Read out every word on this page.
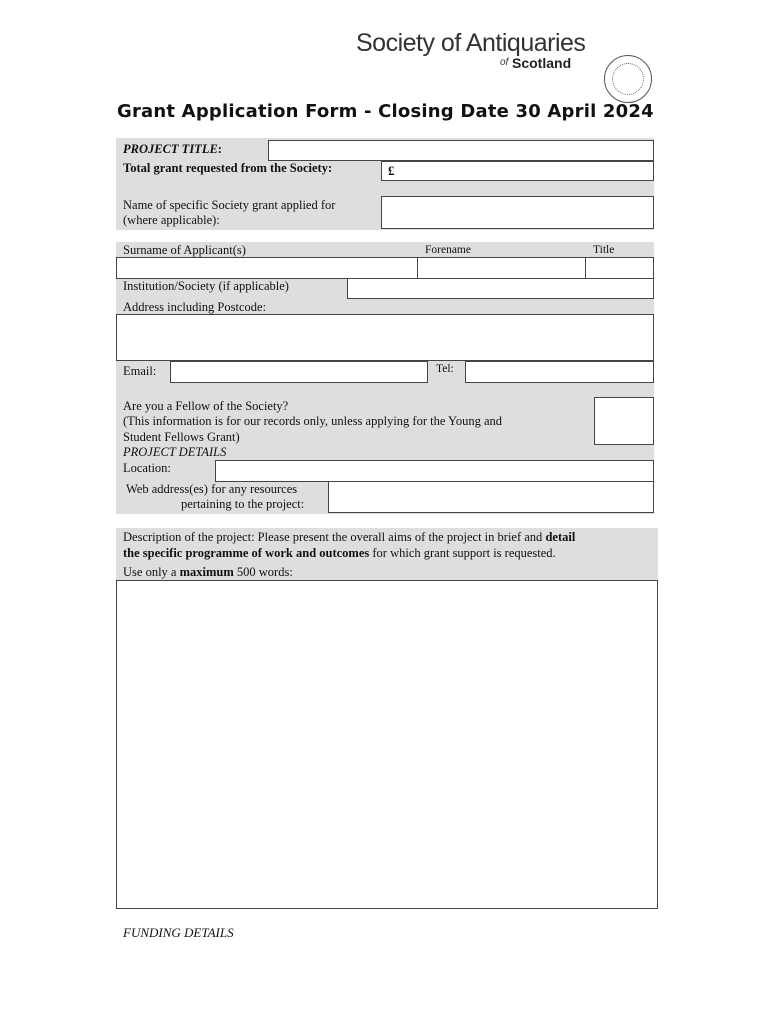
Society of Antiquaries
of Scotland
Grant Application Form - Closing Date 30 April 2024
PROJECT TITLE:
Total grant requested from the Society:	£
Name of specific Society grant applied for
(where applicable):
Surname of Applicant(s)	Forename	Title
Institution/Society (if applicable)
Address including Postcode:
Email:	Tel:
Are you a Fellow of the Society?
(This information is for our records only, unless applying for the Young and
Student Fellows Grant)
PROJECT DETAILS
Location:
Web address(es) for any resources
pertaining to the project:
Description of the project: Please present the overall aims of the project in brief and detail
the specific programme of work and outcomes for which grant support is requested.
Use only a maximum 500 words:
FUNDING DETAILS
